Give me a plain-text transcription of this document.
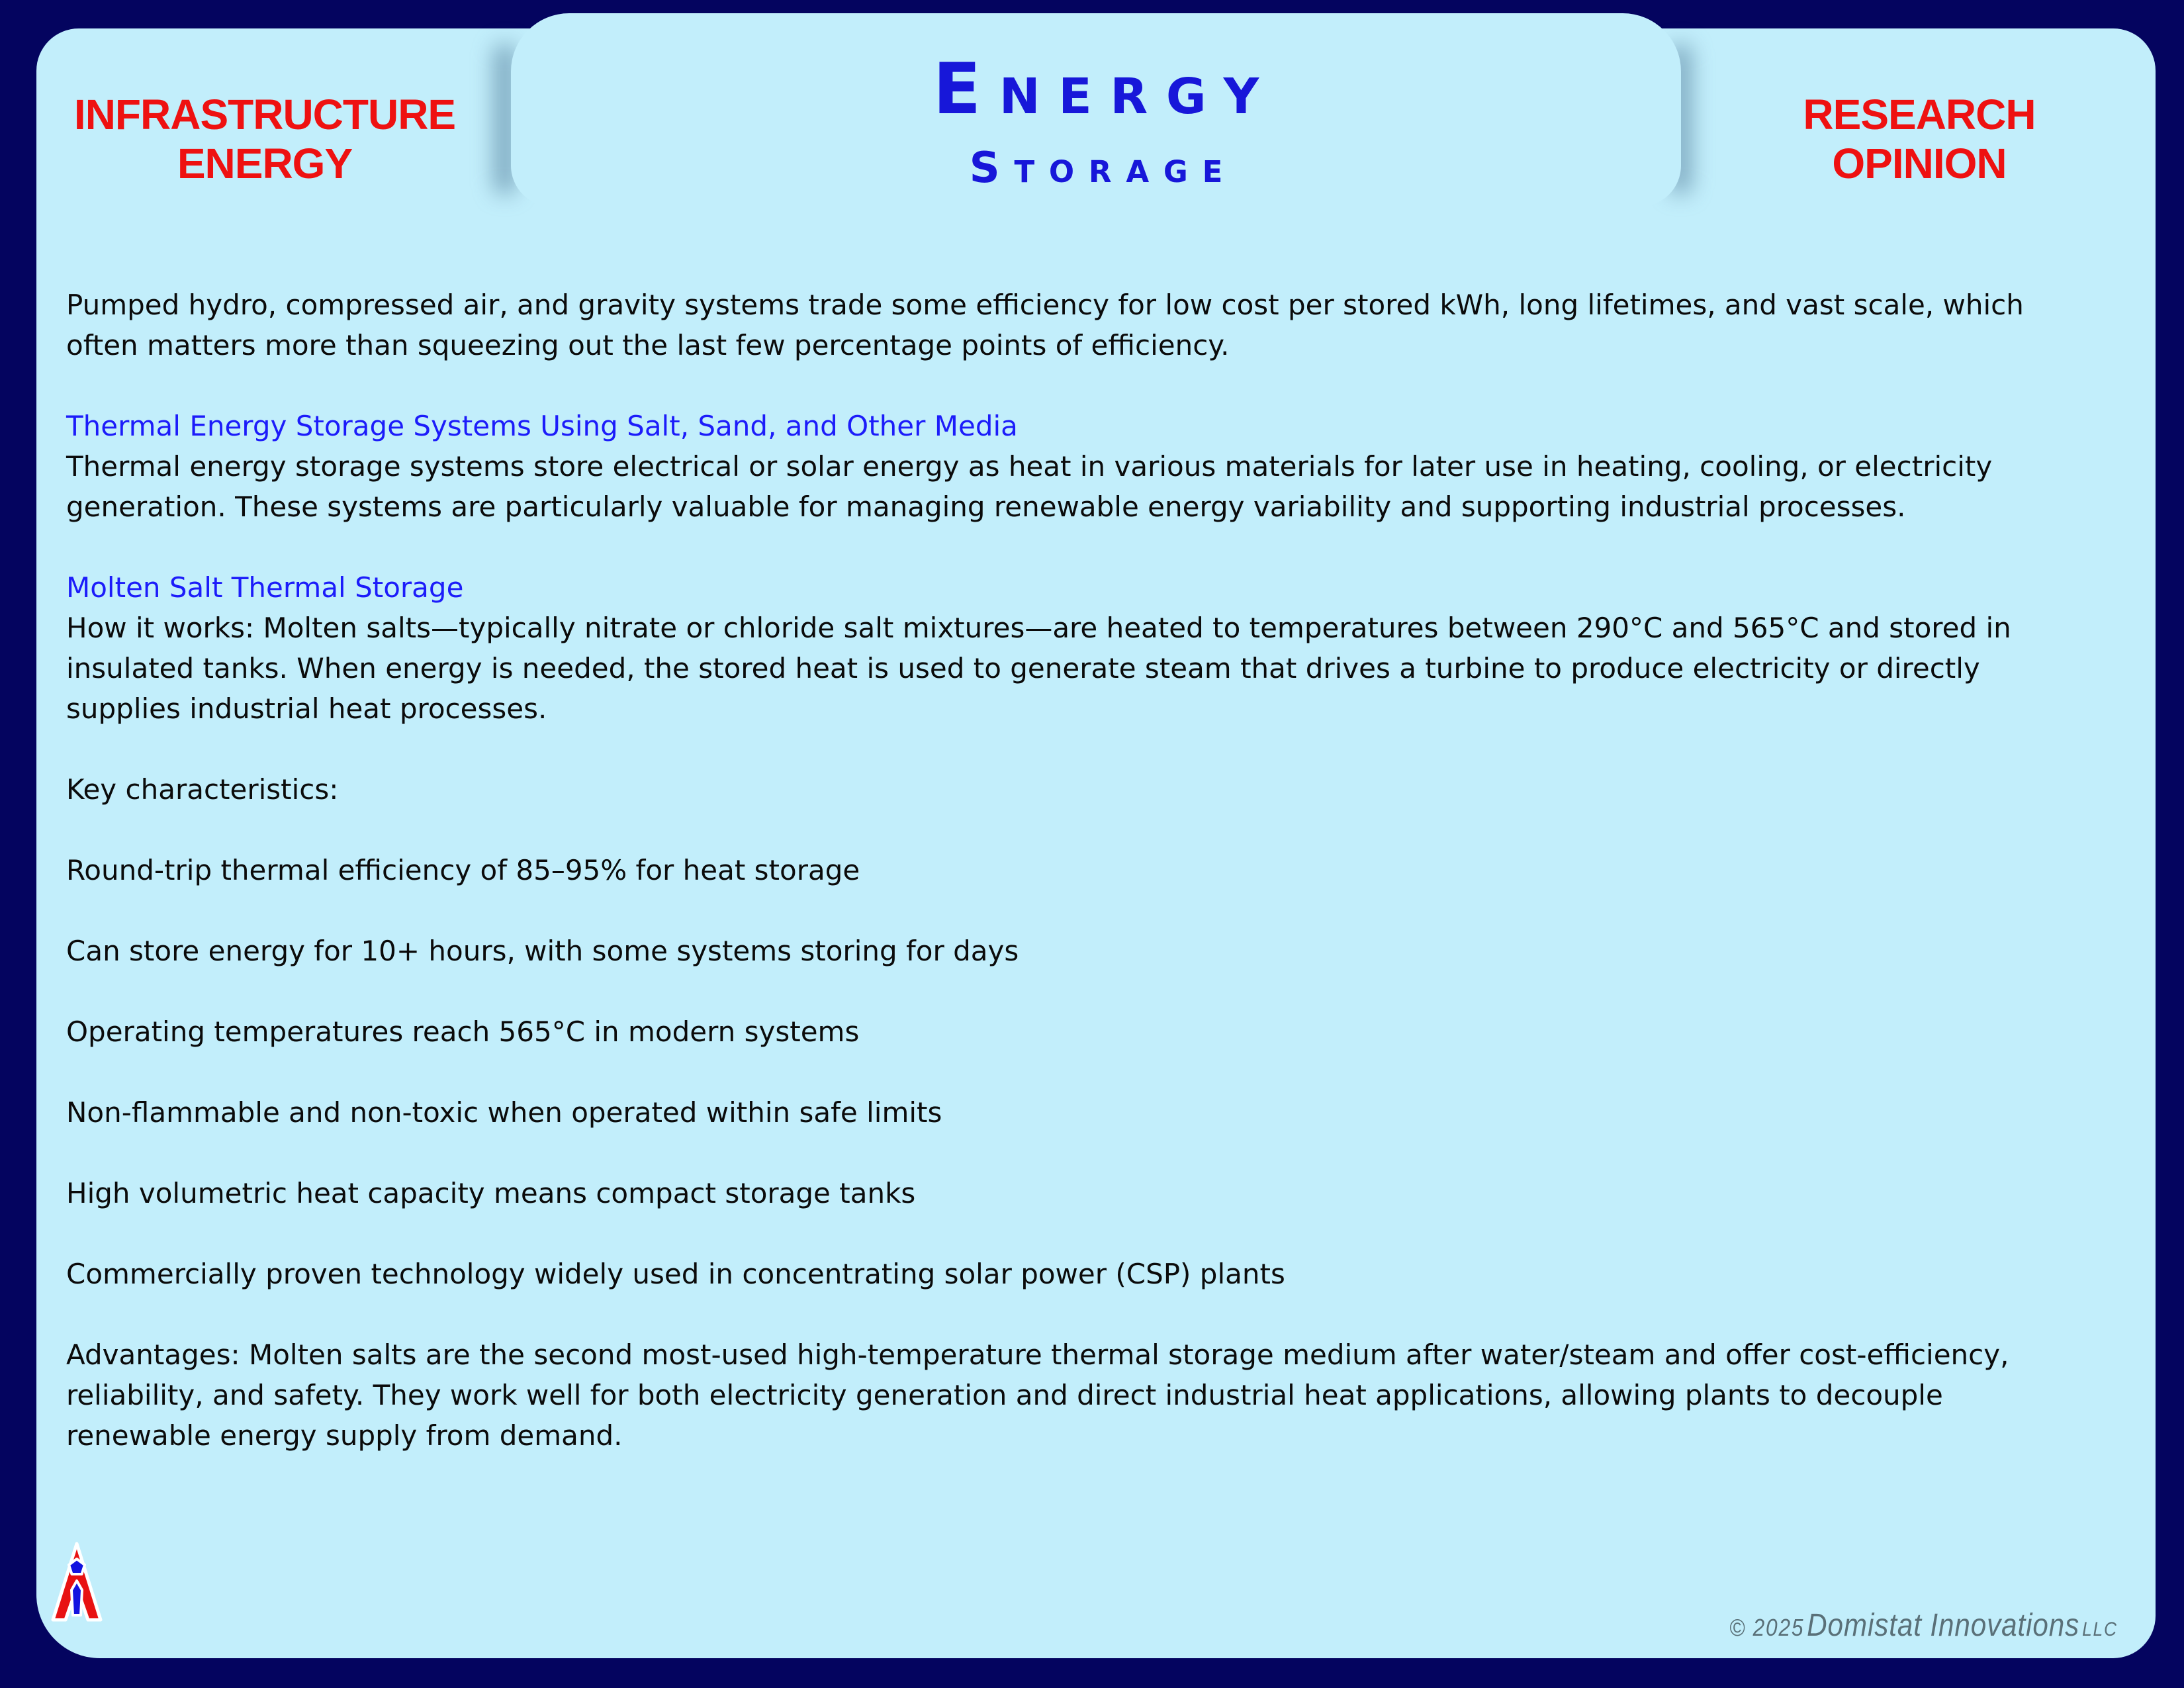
INFRASTRUCTURE
ENERGY
Energy
Storage
RESEARCH
OPINION

Pumped hydro, compressed air, and gravity systems trade some efficiency for low cost per stored kWh, long lifetimes, and vast scale, which often matters more than squeezing out the last few percentage points of efficiency.

Thermal Energy Storage Systems Using Salt, Sand, and Other Media

Thermal energy storage systems store electrical or solar energy as heat in various materials for later use in heating, cooling, or electricity generation. These systems are particularly valuable for managing renewable energy variability and supporting industrial processes.

Molten Salt Thermal Storage

How it works: Molten salts—typically nitrate or chloride salt mixtures—are heated to temperatures between 290°C and 565°C and stored in insulated tanks. When energy is needed, the stored heat is used to generate steam that drives a turbine to produce electricity or directly supplies industrial heat processes.

Key characteristics:

Round-trip thermal efficiency of 85–95% for heat storage

Can store energy for 10+ hours, with some systems storing for days

Operating temperatures reach 565°C in modern systems

Non-flammable and non-toxic when operated within safe limits

High volumetric heat capacity means compact storage tanks

Commercially proven technology widely used in concentrating solar power (CSP) plants

Advantages: Molten salts are the second most-used high-temperature thermal storage medium after water/steam and offer cost-efficiency, reliability, and safety. They work well for both electricity generation and direct industrial heat applications, allowing plants to decouple renewable energy supply from demand.

© 2025 Domistat Innovations LLC
